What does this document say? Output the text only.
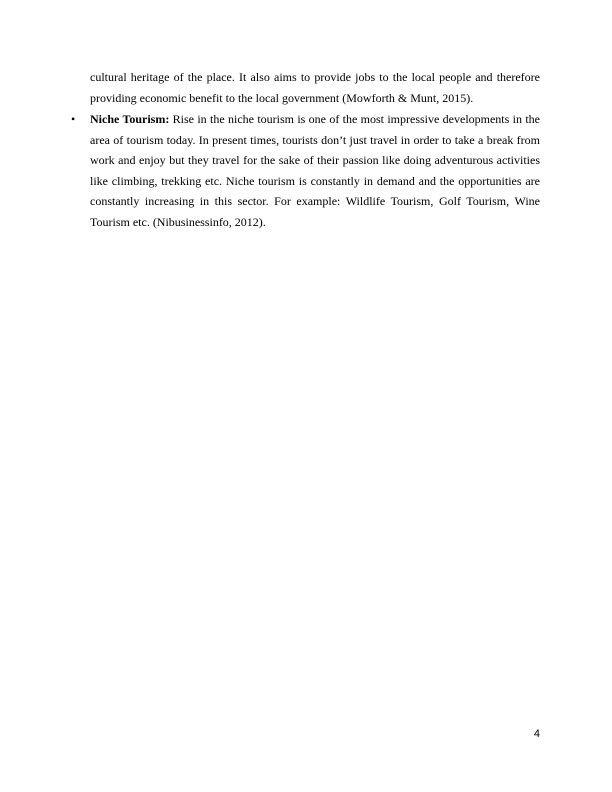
cultural heritage of the place. It also aims to provide jobs to the local people and therefore providing economic benefit to the local government (Mowforth & Munt, 2015).
• Niche Tourism: Rise in the niche tourism is one of the most impressive developments in the area of tourism today. In present times, tourists don’t just travel in order to take a break from work and enjoy but they travel for the sake of their passion like doing adventurous activities like climbing, trekking etc. Niche tourism is constantly in demand and the opportunities are constantly increasing in this sector. For example: Wildlife Tourism, Golf Tourism, Wine Tourism etc. (Nibusinessinfo, 2012).
4
